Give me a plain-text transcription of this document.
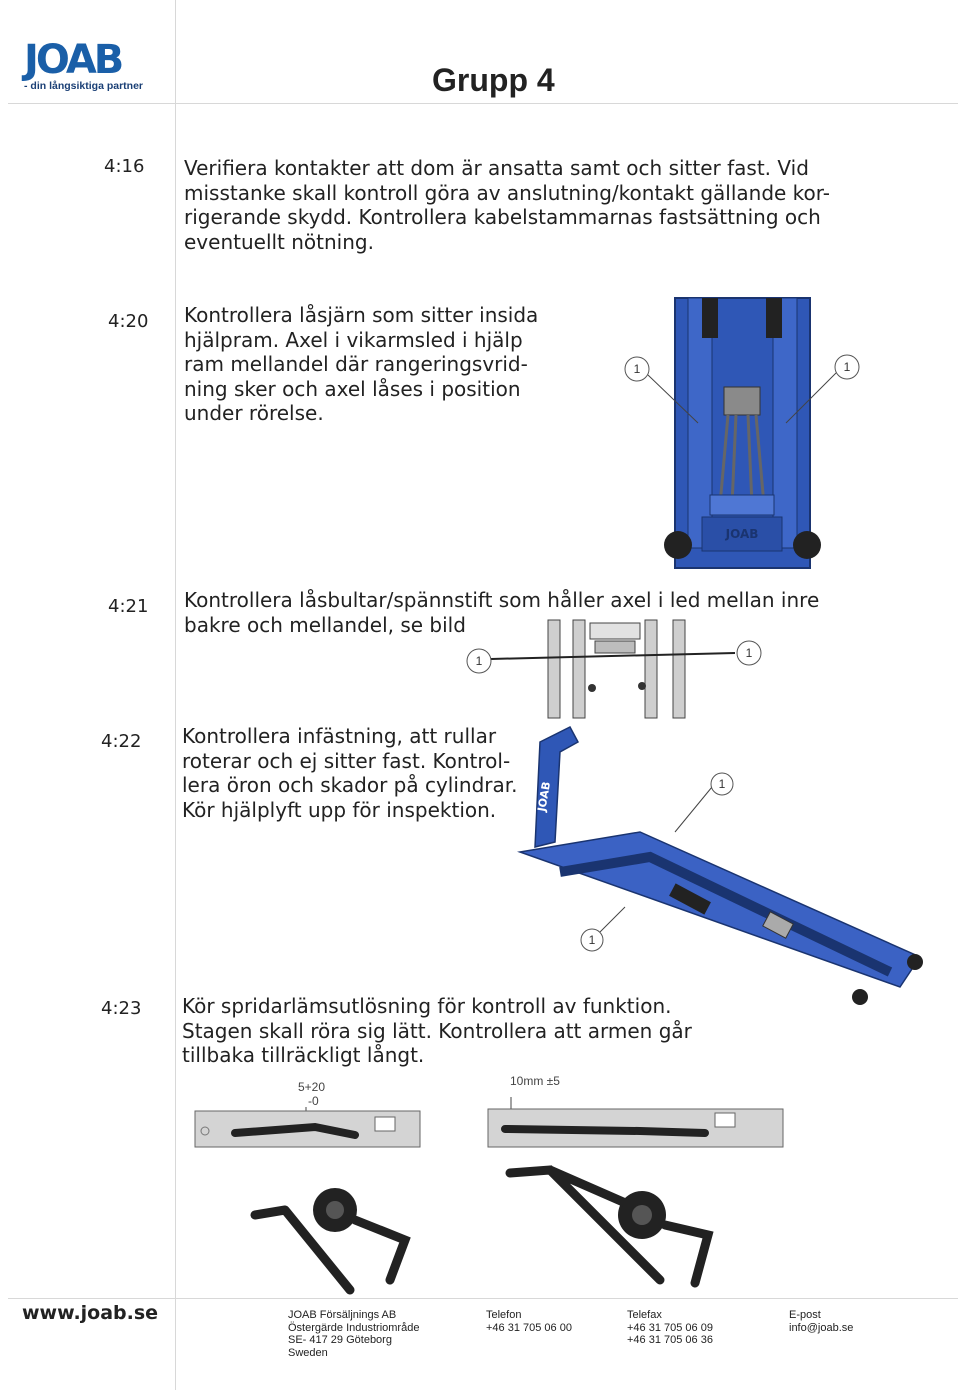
JOAB
- din långsiktiga partner	Grupp 4
4:16 Verifiera kontakter att dom är ansatta samt och sitter fast. Vid
misstanke skall kontroll göra av anslutning/kontakt gällande kor-
rigerande skydd. Kontrollera kabelstammarnas fastsättning och
eventuellt nötning.
4:20 Kontrollera låsjärn som sitter insida
hjälpram. Axel i vikarmsled i hjälp
ram mellandel där rangeringsvrid-
ning sker och axel låses i position
under rörelse.
JOAB
1	1
4:21 Kontrollera låsbultar/spännstift som håller axel i led mellan inre
bakre och mellandel, se bild
1
1
4:22 Kontrollera infästning, att rullar
roterar och ej sitter fast. Kontrol-
lera öron och skador på cylindrar.
Kör hjälplyft upp för inspektion.	JOAB	1
1
4:23 Kör spridarlämsutlösning för kontroll av funktion.
Stagen skall röra sig lätt. Kontrollera att armen går
tillbaka tillräckligt långt.
5+20
-0
10mm ±5
www.joab.se	JOAB Försäljnings AB
Östergärde Industriområde
SE- 417 29 Göteborg
Sweden
Telefon
+46 31 705 06 00
Telefax
+46 31 705 06 09
+46 31 705 06 36
E-post
info@joab.se
